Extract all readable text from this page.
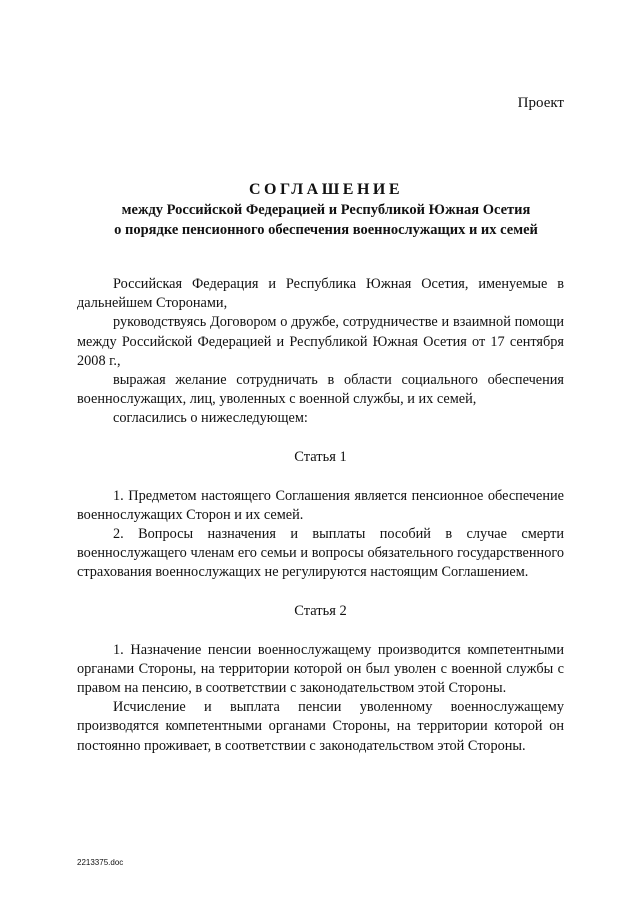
Проект
СОГЛАШЕНИЕ
между Российской Федерацией и Республикой Южная Осетия
о порядке пенсионного обеспечения военнослужащих и их семей

Российская Федерация и Республика Южная Осетия, именуемые в дальнейшем Сторонами,

руководствуясь Договором о дружбе, сотрудничестве и взаимной помощи между Российской Федерацией и Республикой Южная Осетия от 17 сентября 2008 г.,

выражая желание сотрудничать в области социального обеспечения военнослужащих, лиц, уволенных с военной службы, и их семей,

согласились о нижеследующем:

Статья 1

1. Предметом настоящего Соглашения является пенсионное обеспечение военнослужащих Сторон и их семей.

2. Вопросы назначения и выплаты пособий в случае смерти военнослужащего членам его семьи и вопросы обязательного государственного страхования военнослужащих не регулируются настоящим Соглашением.

Статья 2

1. Назначение пенсии военнослужащему производится компетентными органами Стороны, на территории которой он был уволен с военной службы с правом на пенсию, в соответствии с законодательством этой Стороны.

Исчисление и выплата пенсии уволенному военнослужащему производятся компетентными органами Стороны, на территории которой он постоянно проживает, в соответствии с законодательством этой Стороны.

2213375.doc
